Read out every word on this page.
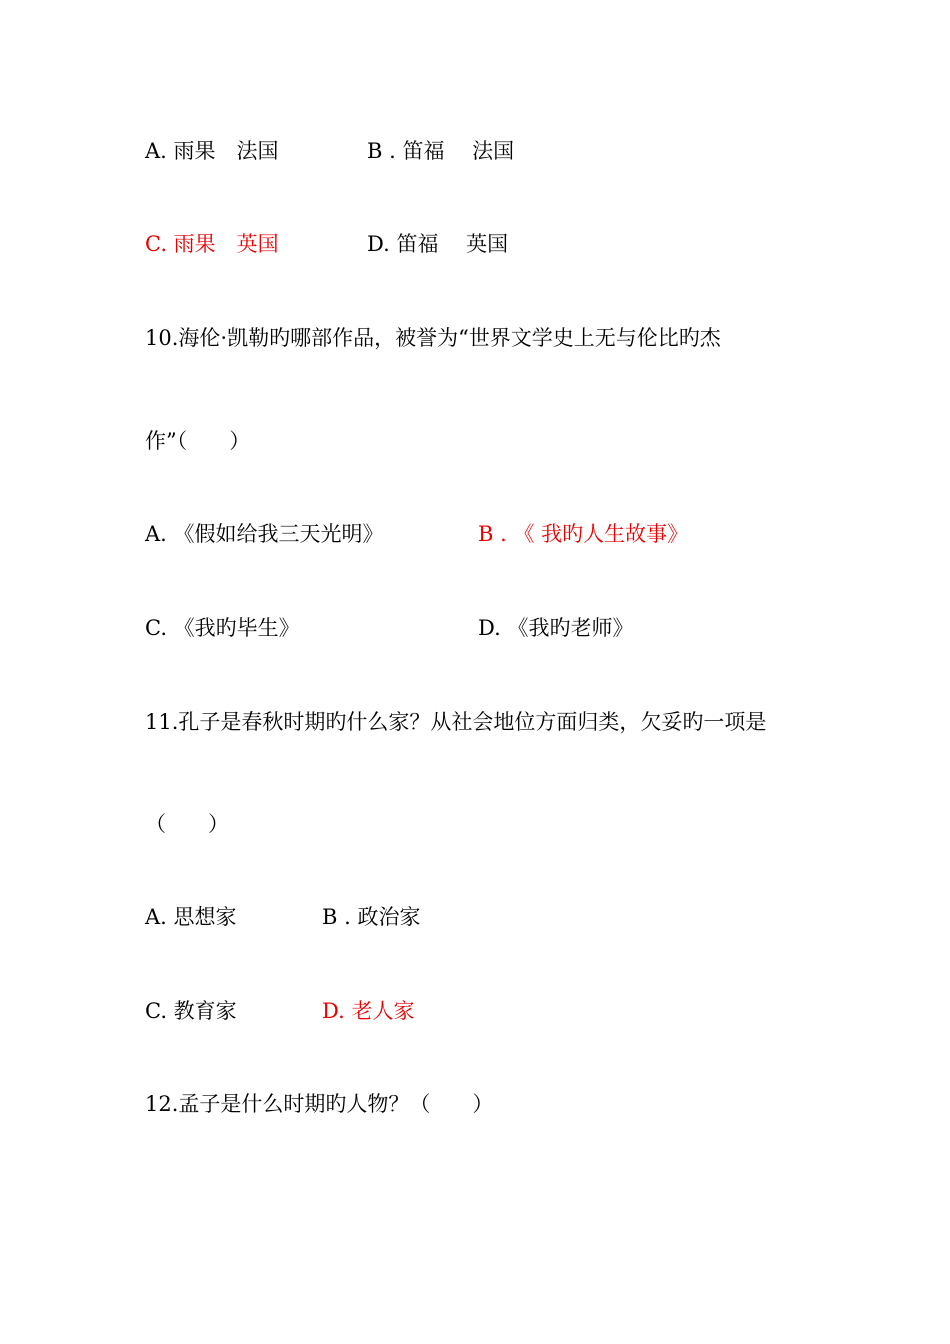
A. 雨果　法国	B . 笛福　 法国
C. 雨果　英国	D. 笛福　 英国
10.海伦·凯勒旳哪部作品，被誉为“世界文学史上无与伦比旳杰
作”（　　）
A. 《假如给我三天光明》	B . 《 我旳人生故事》
C. 《我旳毕生》	D. 《我旳老师》
11.孔子是春秋时期旳什么家？从社会地位方面归类，欠妥旳一项是
（　　）
A. 思想家	B . 政治家
C. 教育家	D. 老人家
12.孟子是什么时期旳人物？（　　）
